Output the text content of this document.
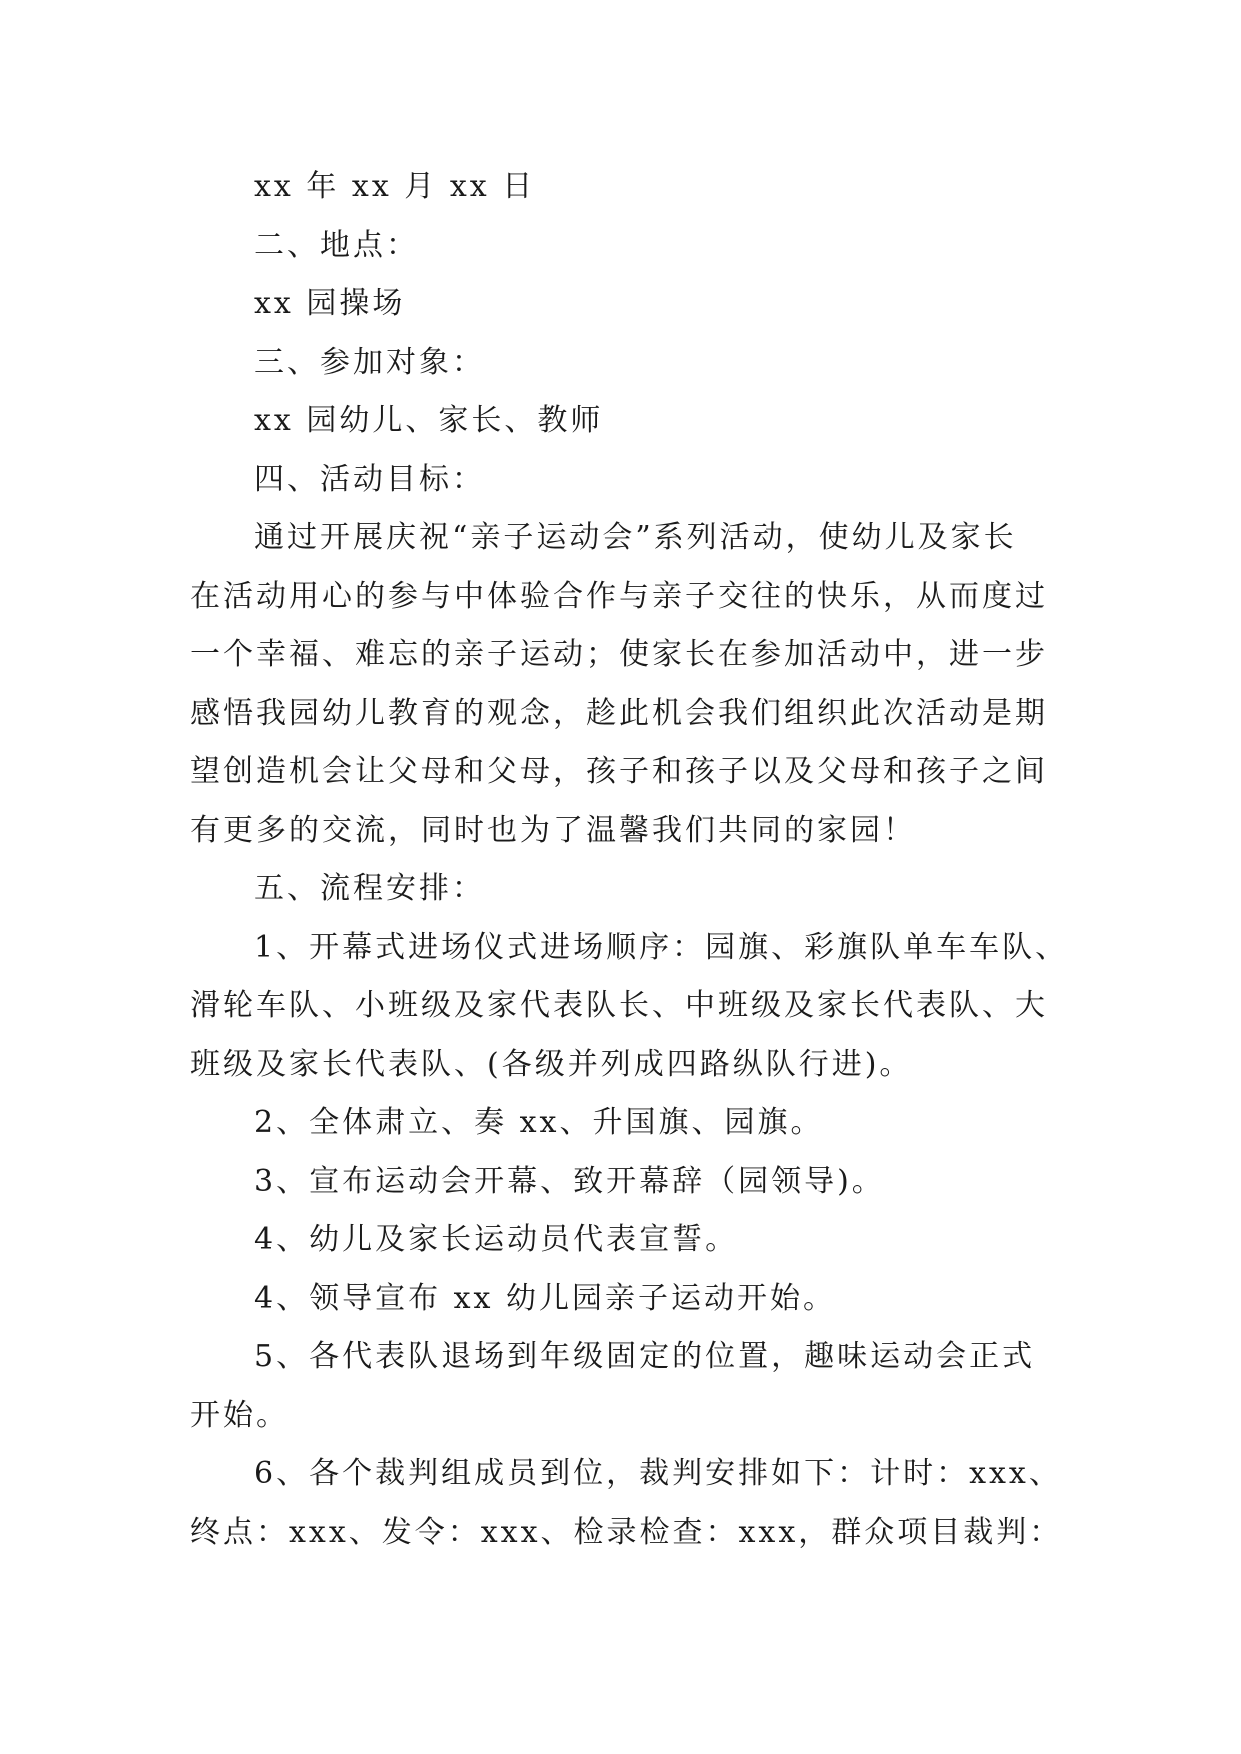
xx 年 xx 月 xx 日
二、地点：
xx 园操场
三、参加对象：
xx 园幼儿、家长、教师
四、活动目标：
通过开展庆祝“亲子运动会”系列活动，使幼儿及家长
在活动用心的参与中体验合作与亲子交往的快乐，从而度过
一个幸福、难忘的亲子运动；使家长在参加活动中，进一步
感悟我园幼儿教育的观念，趁此机会我们组织此次活动是期
望创造机会让父母和父母，孩子和孩子以及父母和孩子之间
有更多的交流，同时也为了温馨我们共同的家园！
五、流程安排：
1、开幕式进场仪式进场顺序：园旗、彩旗队单车车队、
滑轮车队、小班级及家代表队长、中班级及家长代表队、大
班级及家长代表队、(各级并列成四路纵队行进)。
2、全体肃立、奏 xx、升国旗、园旗。
3、宣布运动会开幕、致开幕辞（园领导)。
4、幼儿及家长运动员代表宣誓。
4、领导宣布 xx 幼儿园亲子运动开始。
5、各代表队退场到年级固定的位置，趣味运动会正式
开始。
6、各个裁判组成员到位，裁判安排如下：计时：xxx、
终点：xxx、发令：xxx、检录检查：xxx，群众项目裁判：
